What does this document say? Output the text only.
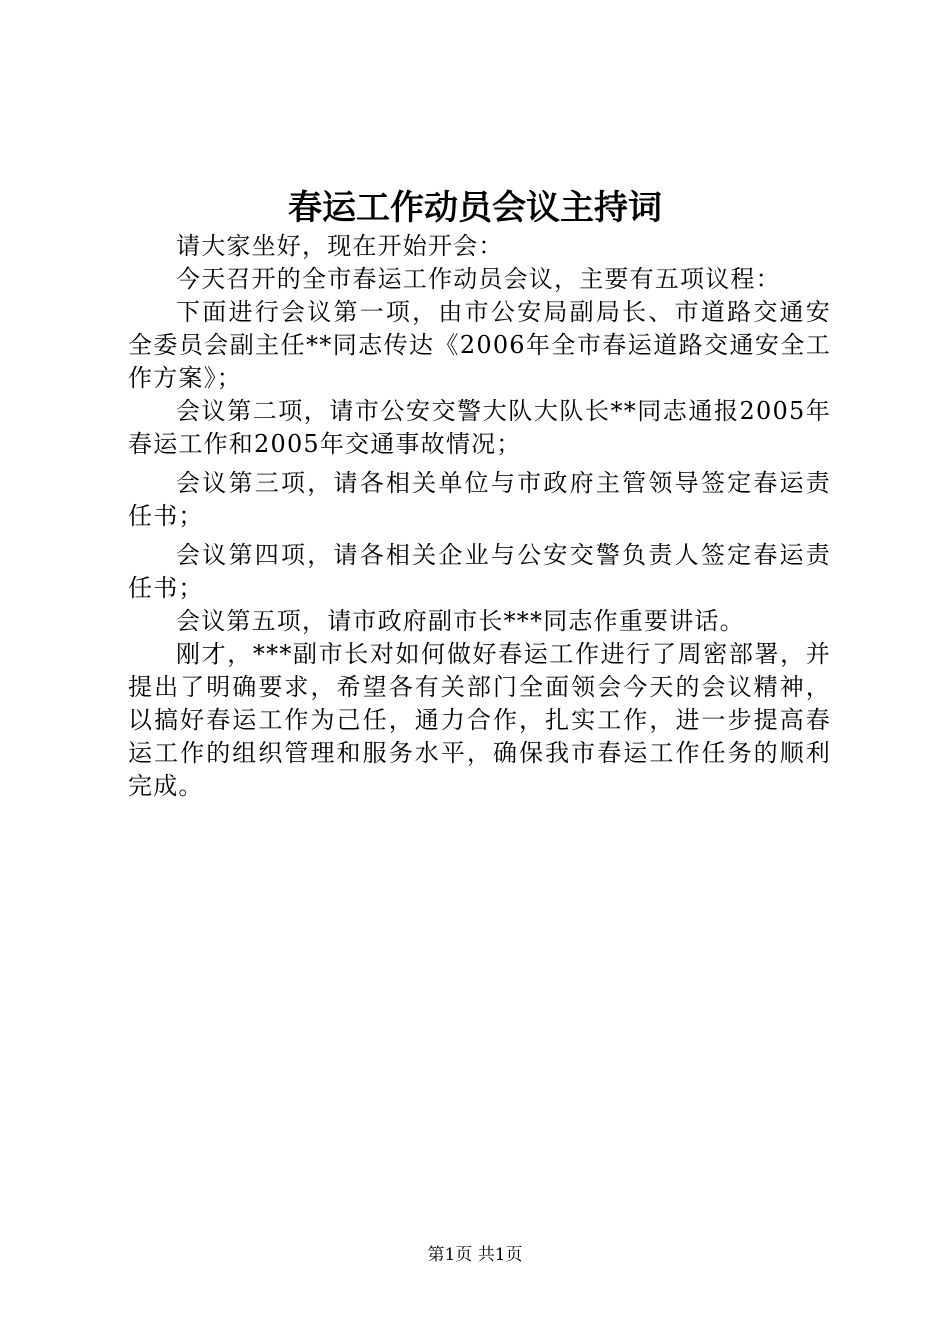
春运工作动员会议主持词

请大家坐好，现在开始开会：

今天召开的全市春运工作动员会议，主要有五项议程：

下面进行会议第一项，由市公安局副局长、市道路交通安全委员会副主任**同志传达《2006年全市春运道路交通安全工作方案》；

会议第二项，请市公安交警大队大队长**同志通报2005年春运工作和2005年交通事故情况；

会议第三项，请各相关单位与市政府主管领导签定春运责任书；

会议第四项，请各相关企业与公安交警负责人签定春运责任书；

会议第五项，请市政府副市长***同志作重要讲话。

刚才，***副市长对如何做好春运工作进行了周密部署，并提出了明确要求，希望各有关部门全面领会今天的会议精神，以搞好春运工作为己任，通力合作，扎实工作，进一步提高春运工作的组织管理和服务水平，确保我市春运工作任务的顺利完成。

第1页 共1页
